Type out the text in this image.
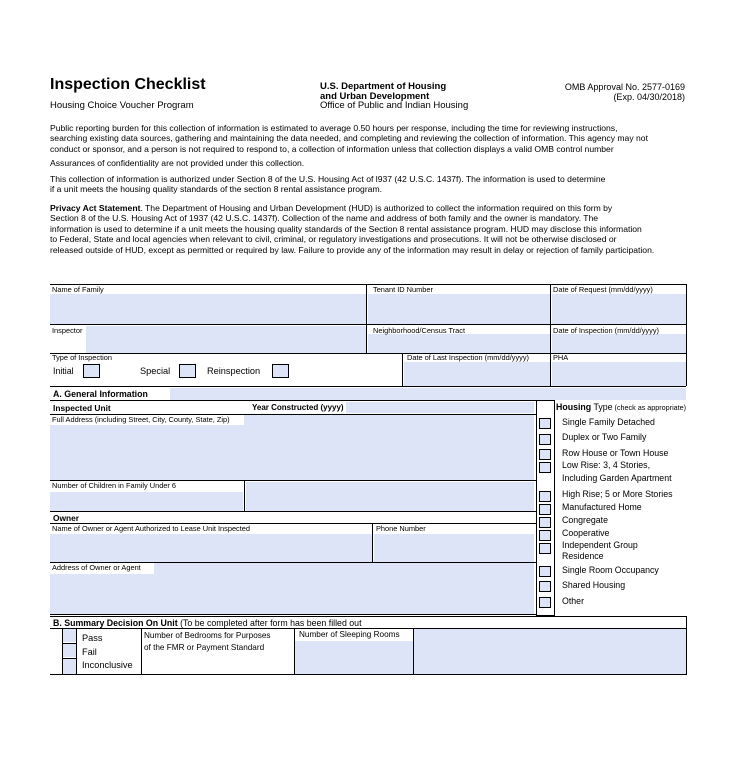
Inspection Checklist
Housing Choice Voucher Program
U.S. Department of Housing
and Urban Development
Office of Public and Indian Housing
OMB Approval No. 2577-0169
(Exp. 04/30/2018)
Public reporting burden for this collection of information is estimated to average 0.50 hours per response, including the time for reviewing instructions,
searching existing data sources, gathering and maintaining the data needed, and completing and reviewing the collection of information. This agency may not
conduct or sponsor, and a person is not required to respond to, a collection of information unless that collection displays a valid OMB control number
Assurances of confidentiality are not provided under this collection.
This collection of information is authorized under Section 8 of the U.S. Housing Act of l937 (42 U.S.C. 1437f). The information is used to determine
if a unit meets the housing quality standards of the section 8 rental assistance program.
Privacy Act Statement. The Department of Housing and Urban Development (HUD) is authorized to collect the information required on this form by
Section 8 of the U.S. Housing Act of 1937 (42 U.S.C. 1437f). Collection of the name and address of both family and the owner is mandatory. The
information is used to determine if a unit meets the housing quality standards of the Section 8 rental assistance program. HUD may disclose this information
to Federal, State and local agencies when relevant to civil, criminal, or regulatory investigations and prosecutions. It will not be otherwise disclosed or
released outside of HUD, except as permitted or required by law. Failure to provide any of the information may result in delay or rejection of family participation.
Name of Family	Tenant ID Number	Date of Request (mm/dd/yyyy)
Inspector	Neighborhood/Census Tract	Date of Inspection (mm/dd/yyyy)
Type of Inspection	Date of Last Inspection (mm/dd/yyyy)	PHA
Initial	Special	Reinspection
A. General Information
Inspected Unit	Year Constructed (yyyy)
Full Address (including Street, City, County, State, Zip)
Number of Children in Family Under 6
Owner
Name of Owner or Agent Authorized to Lease Unit Inspected	Phone Number
Address of Owner or Agent
Housing Type (check as appropriate)
Single Family Detached
Duplex or Two Family
Row House or Town House
Low Rise: 3, 4 Stories,
Including Garden Apartment
High Rise; 5 or More Stories
Manufactured Home
Congregate
Cooperative
Independent Group
Residence
Single Room Occupancy
Shared Housing
Other
B. Summary Decision On Unit (To be completed after form has been filled out
Pass
Fail
Inconclusive
Number of Bedrooms for Purposes
of the FMR or Payment Standard
Number of Sleeping Rooms
